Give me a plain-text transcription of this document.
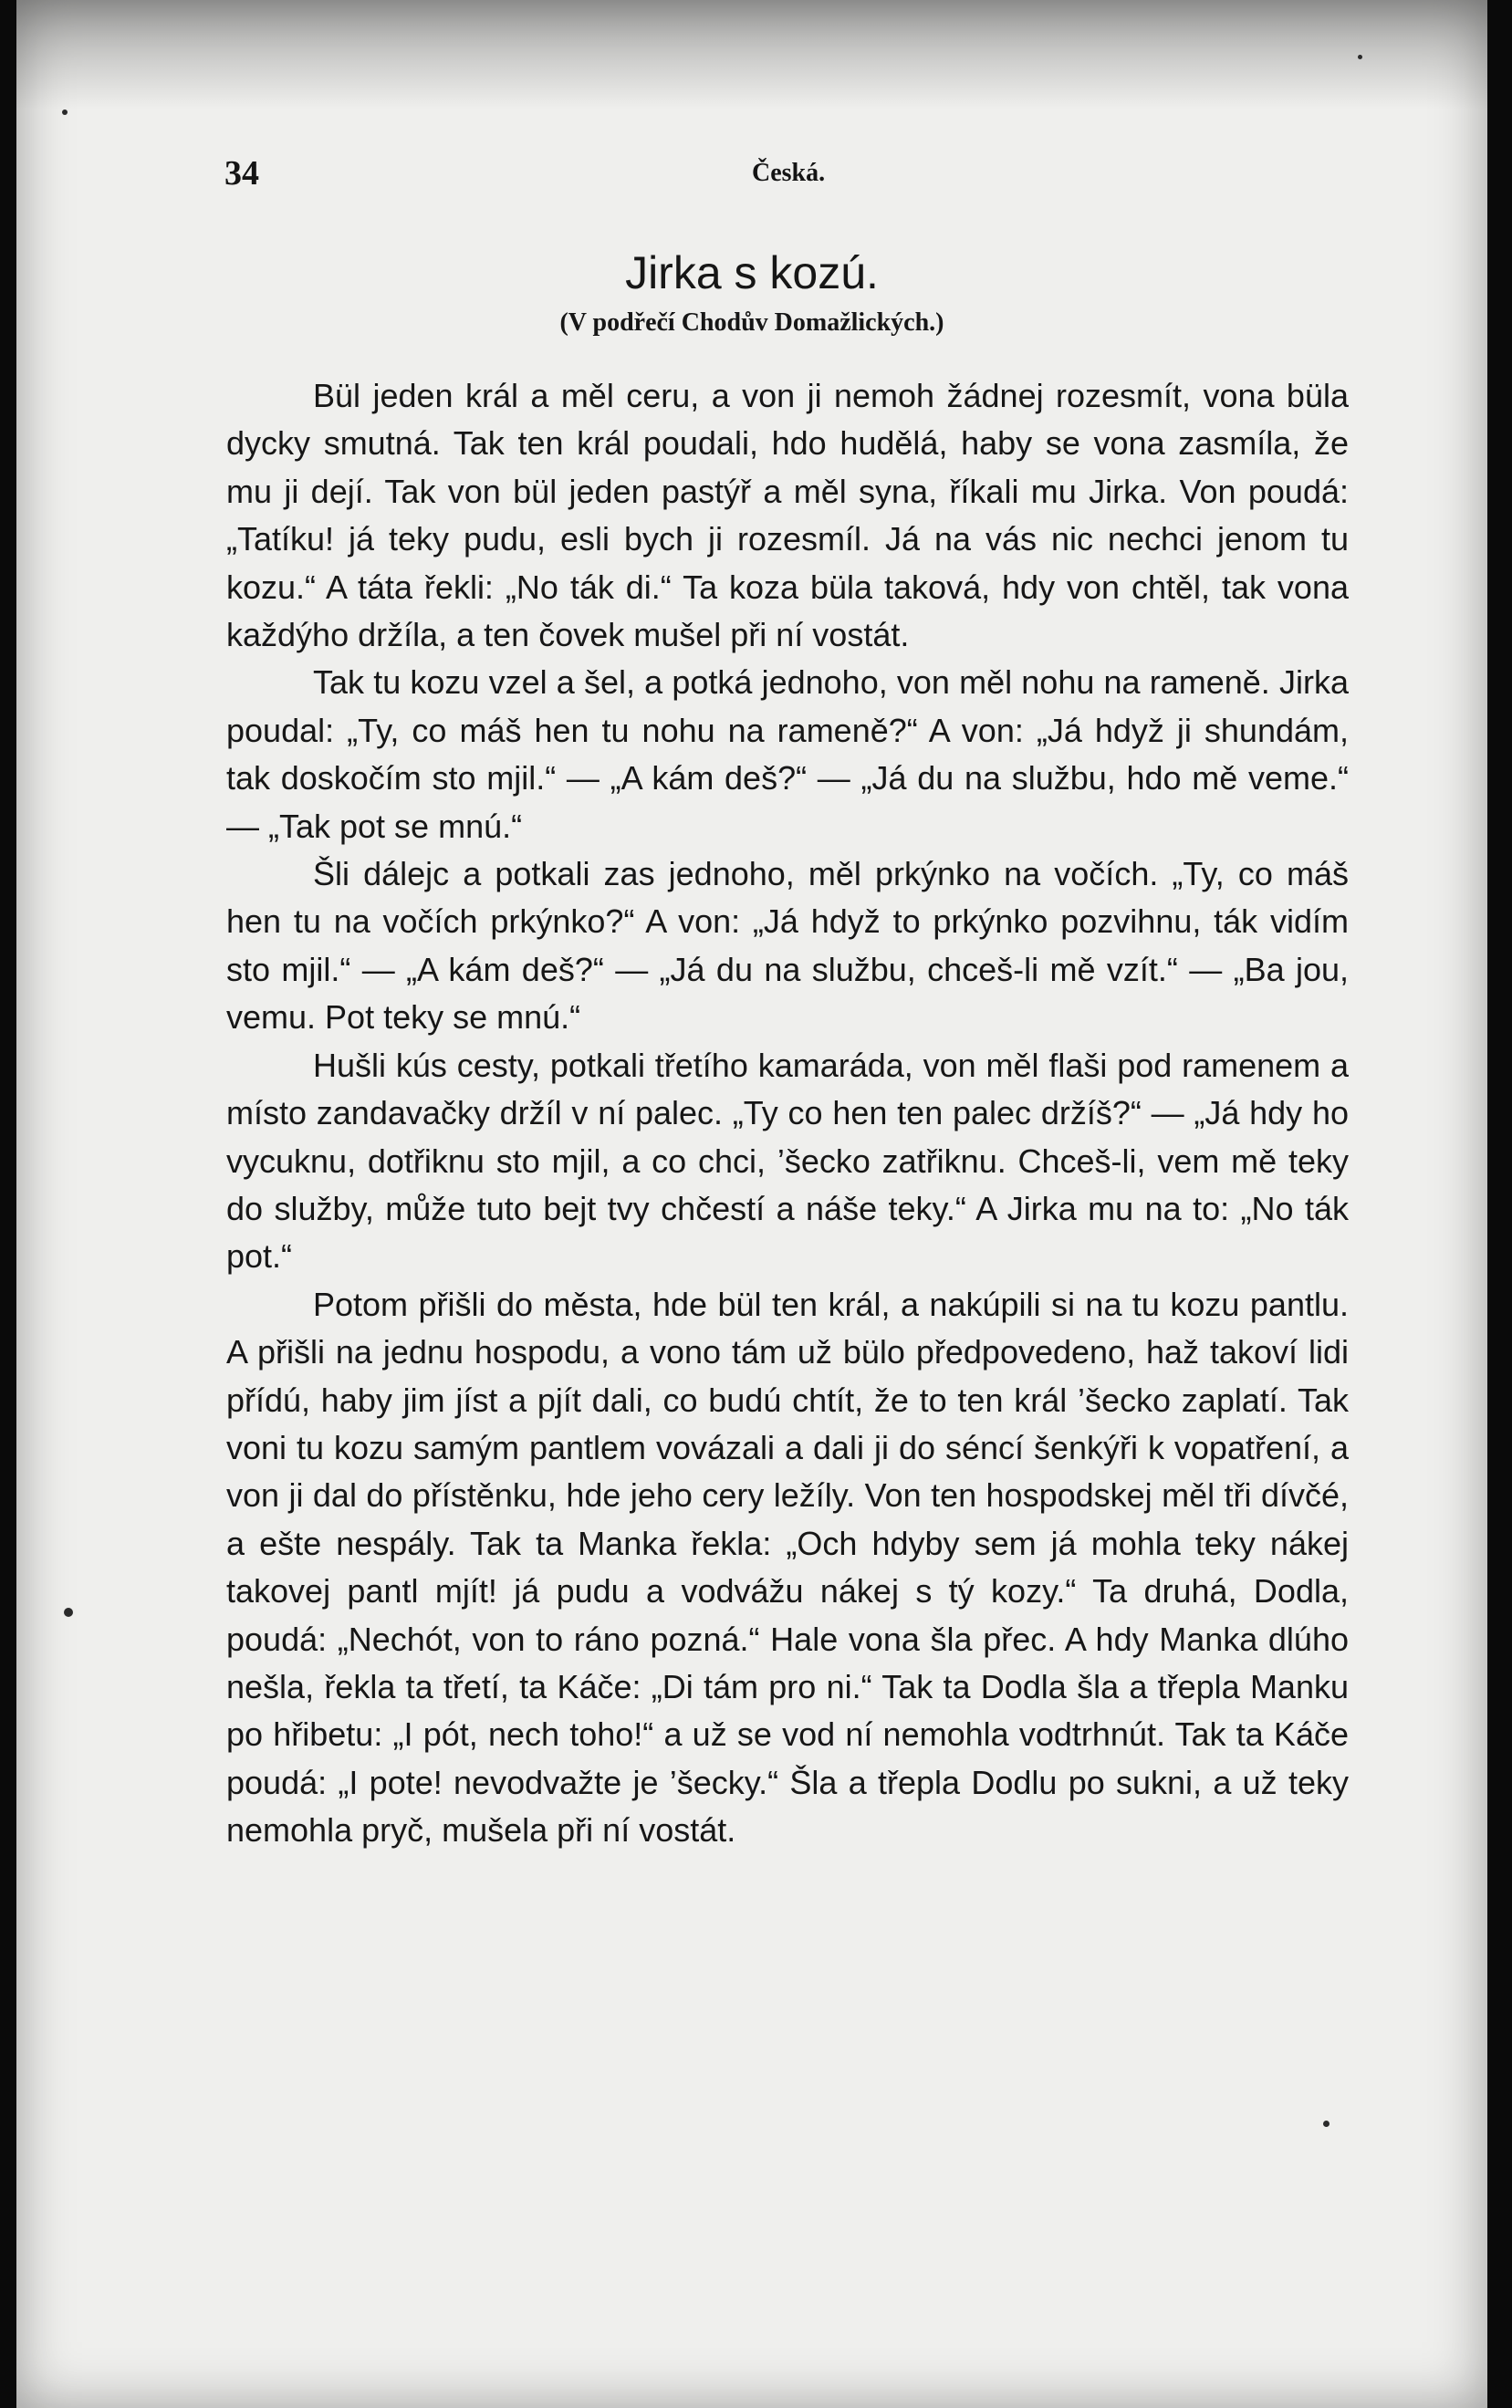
34	Česká.
Jirka s kozú.
(V podřečí Chodův Domažlických.)

Bül jeden král a měl ceru, a von ji nemoh žádnej rozesmít, vona büla dycky smutná. Tak ten král poudali, hdo hudělá, haby se vona zasmíla, že mu ji dejí. Tak von bül jeden pastýř a měl syna, říkali mu Jirka. Von poudá: „Tatíku! já teky pudu, esli bych ji rozesmíl. Já na vás nic nechci jenom tu kozu.“ A táta řekli: „No ták di.“ Ta koza büla taková, hdy von chtěl, tak vona každýho držíla, a ten čovek mušel při ní vostát.

Tak tu kozu vzel a šel, a potká jednoho, von měl nohu na rameně. Jirka poudal: „Ty, co máš hen tu nohu na rameně?“ A von: „Já hdyž ji shundám, tak doskočím sto mjil.“ — „A kám deš?“ — „Já du na službu, hdo mě veme.“ — „Tak pot se mnú.“

Šli dálejc a potkali zas jednoho, měl prkýnko na vočích. „Ty, co máš hen tu na vočích prkýnko?“ A von: „Já hdyž to prkýnko pozvihnu, ták vidím sto mjil.“ — „A kám deš?“ — „Já du na službu, chceš-li mě vzít.“ — „Ba jou, vemu. Pot teky se mnú.“

Hušli kús cesty, potkali třetího kamaráda, von měl flaši pod ramenem a místo zandavačky držíl v ní palec. „Ty co hen ten palec držíš?“ — „Já hdy ho vycuknu, dotřiknu sto mjil, a co chci, ’šecko zatřiknu. Chceš-li, vem mě teky do služby, může tuto bejt tvy chčestí a náše teky.“ A Jirka mu na to: „No ták pot.“

Potom přišli do města, hde bül ten král, a nakúpili si na tu kozu pantlu. A přišli na jednu hospodu, a vono tám už bülo předpovedeno, haž takoví lidi přídú, haby jim jíst a pjít dali, co budú chtít, že to ten král ’šecko zaplatí. Tak voni tu kozu samým pantlem vovázali a dali ji do séncí šenkýři k vopatření, a von ji dal do přístěnku, hde jeho cery ležíly. Von ten hospodskej měl tři dívčé, a ešte nespály. Tak ta Manka řekla: „Och hdyby sem já mohla teky nákej takovej pantl mjít! já pudu a vodvážu nákej s tý kozy.“ Ta druhá, Dodla, poudá: „Nechót, von to ráno pozná.“ Hale vona šla přec. A hdy Manka dlúho nešla, řekla ta třetí, ta Káče: „Di tám pro ni.“ Tak ta Dodla šla a třepla Manku po hřibetu: „I pót, nech toho!“ a už se vod ní nemohla vodtrhnút. Tak ta Káče poudá: „I pote! nevodvažte je ’šecky.“ Šla a třepla Dodlu po sukni, a už teky nemohla pryč, mušela při ní vostát.
